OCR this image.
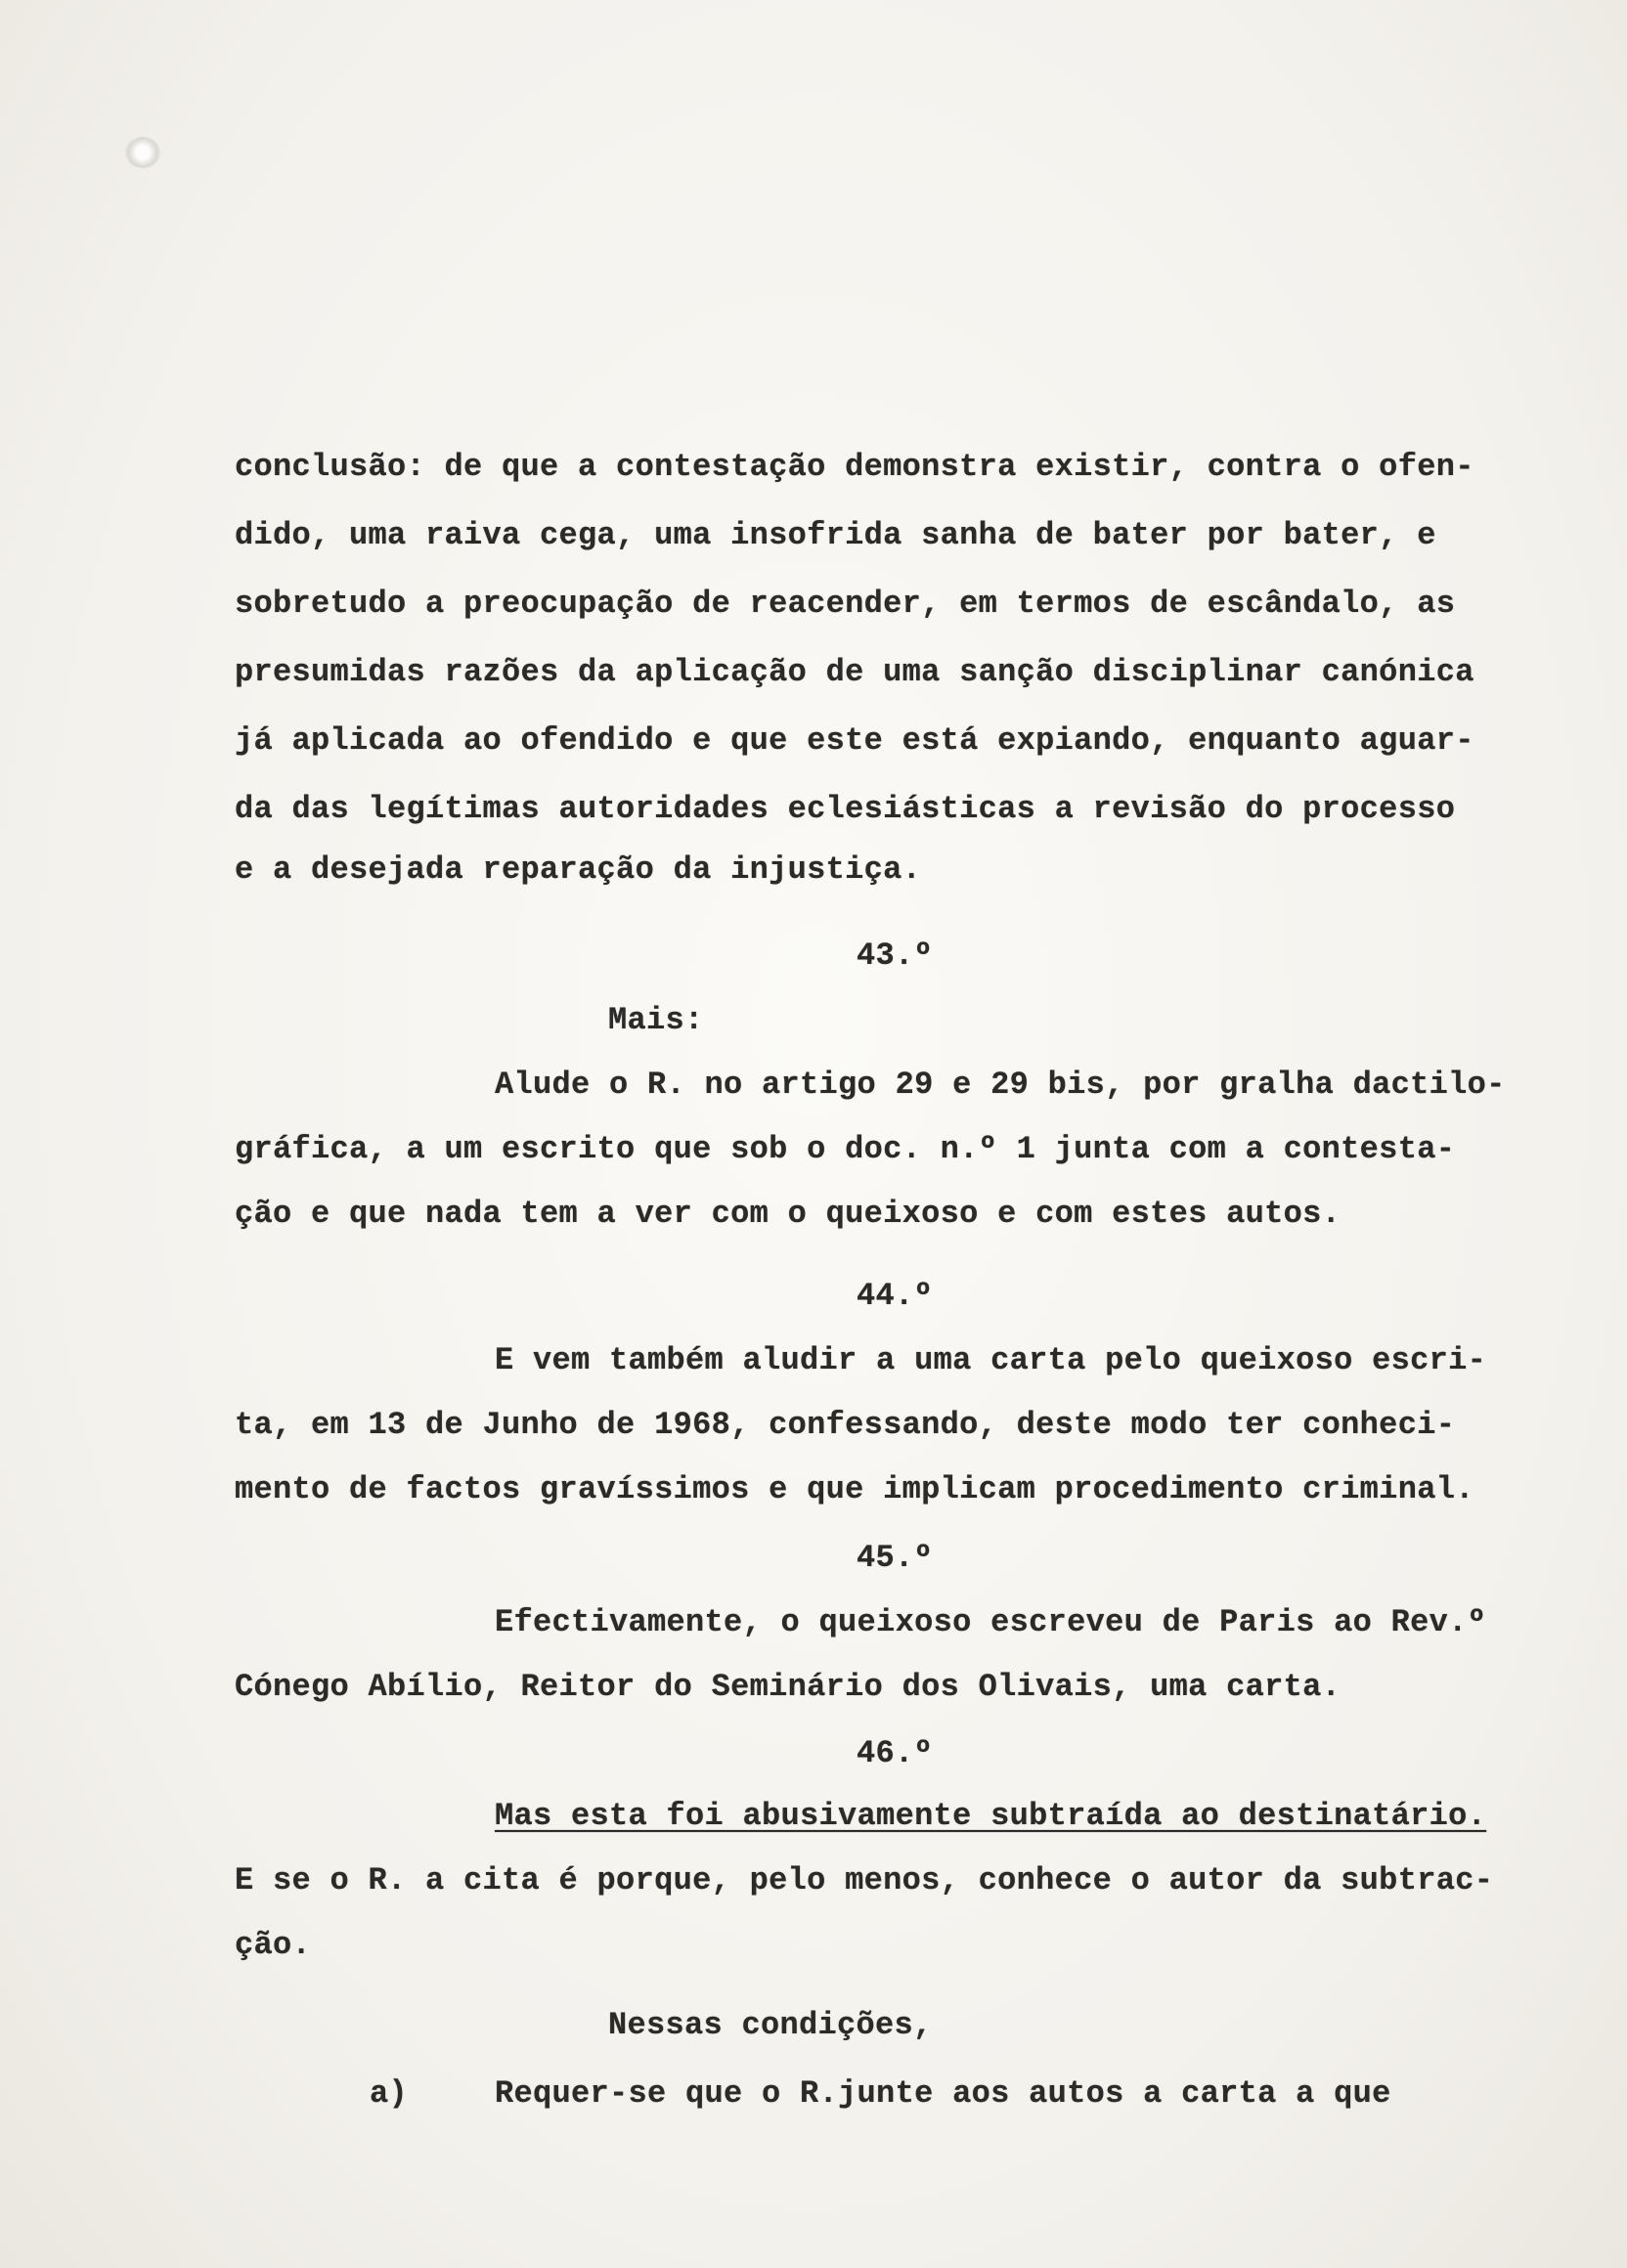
conclusão: de que a contestação demonstra existir, contra o ofen-
dido, uma raiva cega, uma insofrida sanha de bater por bater, e
sobretudo a preocupação de reacender, em termos de escândalo, as
presumidas razões da aplicação de uma sanção disciplinar canónica
já aplicada ao ofendido e que este está expiando, enquanto aguar-
da das legítimas autoridades eclesiásticas a revisão do processo
e a desejada reparação da injustiça.
43.º
Mais:
Alude o R. no artigo 29 e 29 bis, por gralha dactilo-
gráfica, a um escrito que sob o doc. n.º 1 junta com a contesta-
ção e que nada tem a ver com o queixoso e com estes autos.
44.º
E vem também aludir a uma carta pelo queixoso escri-
ta, em 13 de Junho de 1968, confessando, deste modo ter conheci-
mento de factos gravíssimos e que implicam procedimento criminal.
45.º
Efectivamente, o queixoso escreveu de Paris ao Rev.º
Cónego Abílio, Reitor do Seminário dos Olivais, uma carta.
46.º
Mas esta foi abusivamente subtraída ao destinatário.
E se o R. a cita é porque, pelo menos, conhece o autor da subtrac-
ção.
Nessas condições,
a)	Requer-se que o R.junte aos autos a carta a que
